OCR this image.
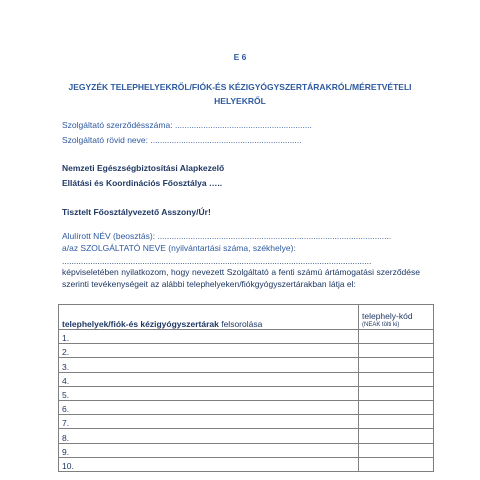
E 6
JEGYZÉK TELEPHELYEKRŐL/FIÓK-ÉS KÉZIGYÓGYSZERTÁRAKRÓL/MÉRETVÉTELI
HELYEKRŐL
Szolgáltató szerződésszáma: ..........................................................
Szolgáltató rövid neve: ................................................................
Nemzeti Egészségbiztosítási Alapkezelő
Ellátási és Koordinációs Főosztálya …..
Tisztelt Főosztályvezető Asszony/Úr!
Alulírott NÉV (beosztás): ...................................................................................................
a/az SZOLGÁLTATÓ NEVE (nyilvántartási száma, székhelye):
...................................................................................................................................
képviseletében nyilatkozom, hogy nevezett Szolgáltató a fenti számú ártámogatási szerződése szerinti tevékenységeit az alábbi telephelyeken/fiókgyógyszertárakban látja el:
telephelyek/fiók-és kézigyógyszertárak felsorolása	telephely-kód
(NEAK tölti ki)

1.	
2.	
3.	
4.	
5.	
6.	
7.	
8.	
9.	
10.	
